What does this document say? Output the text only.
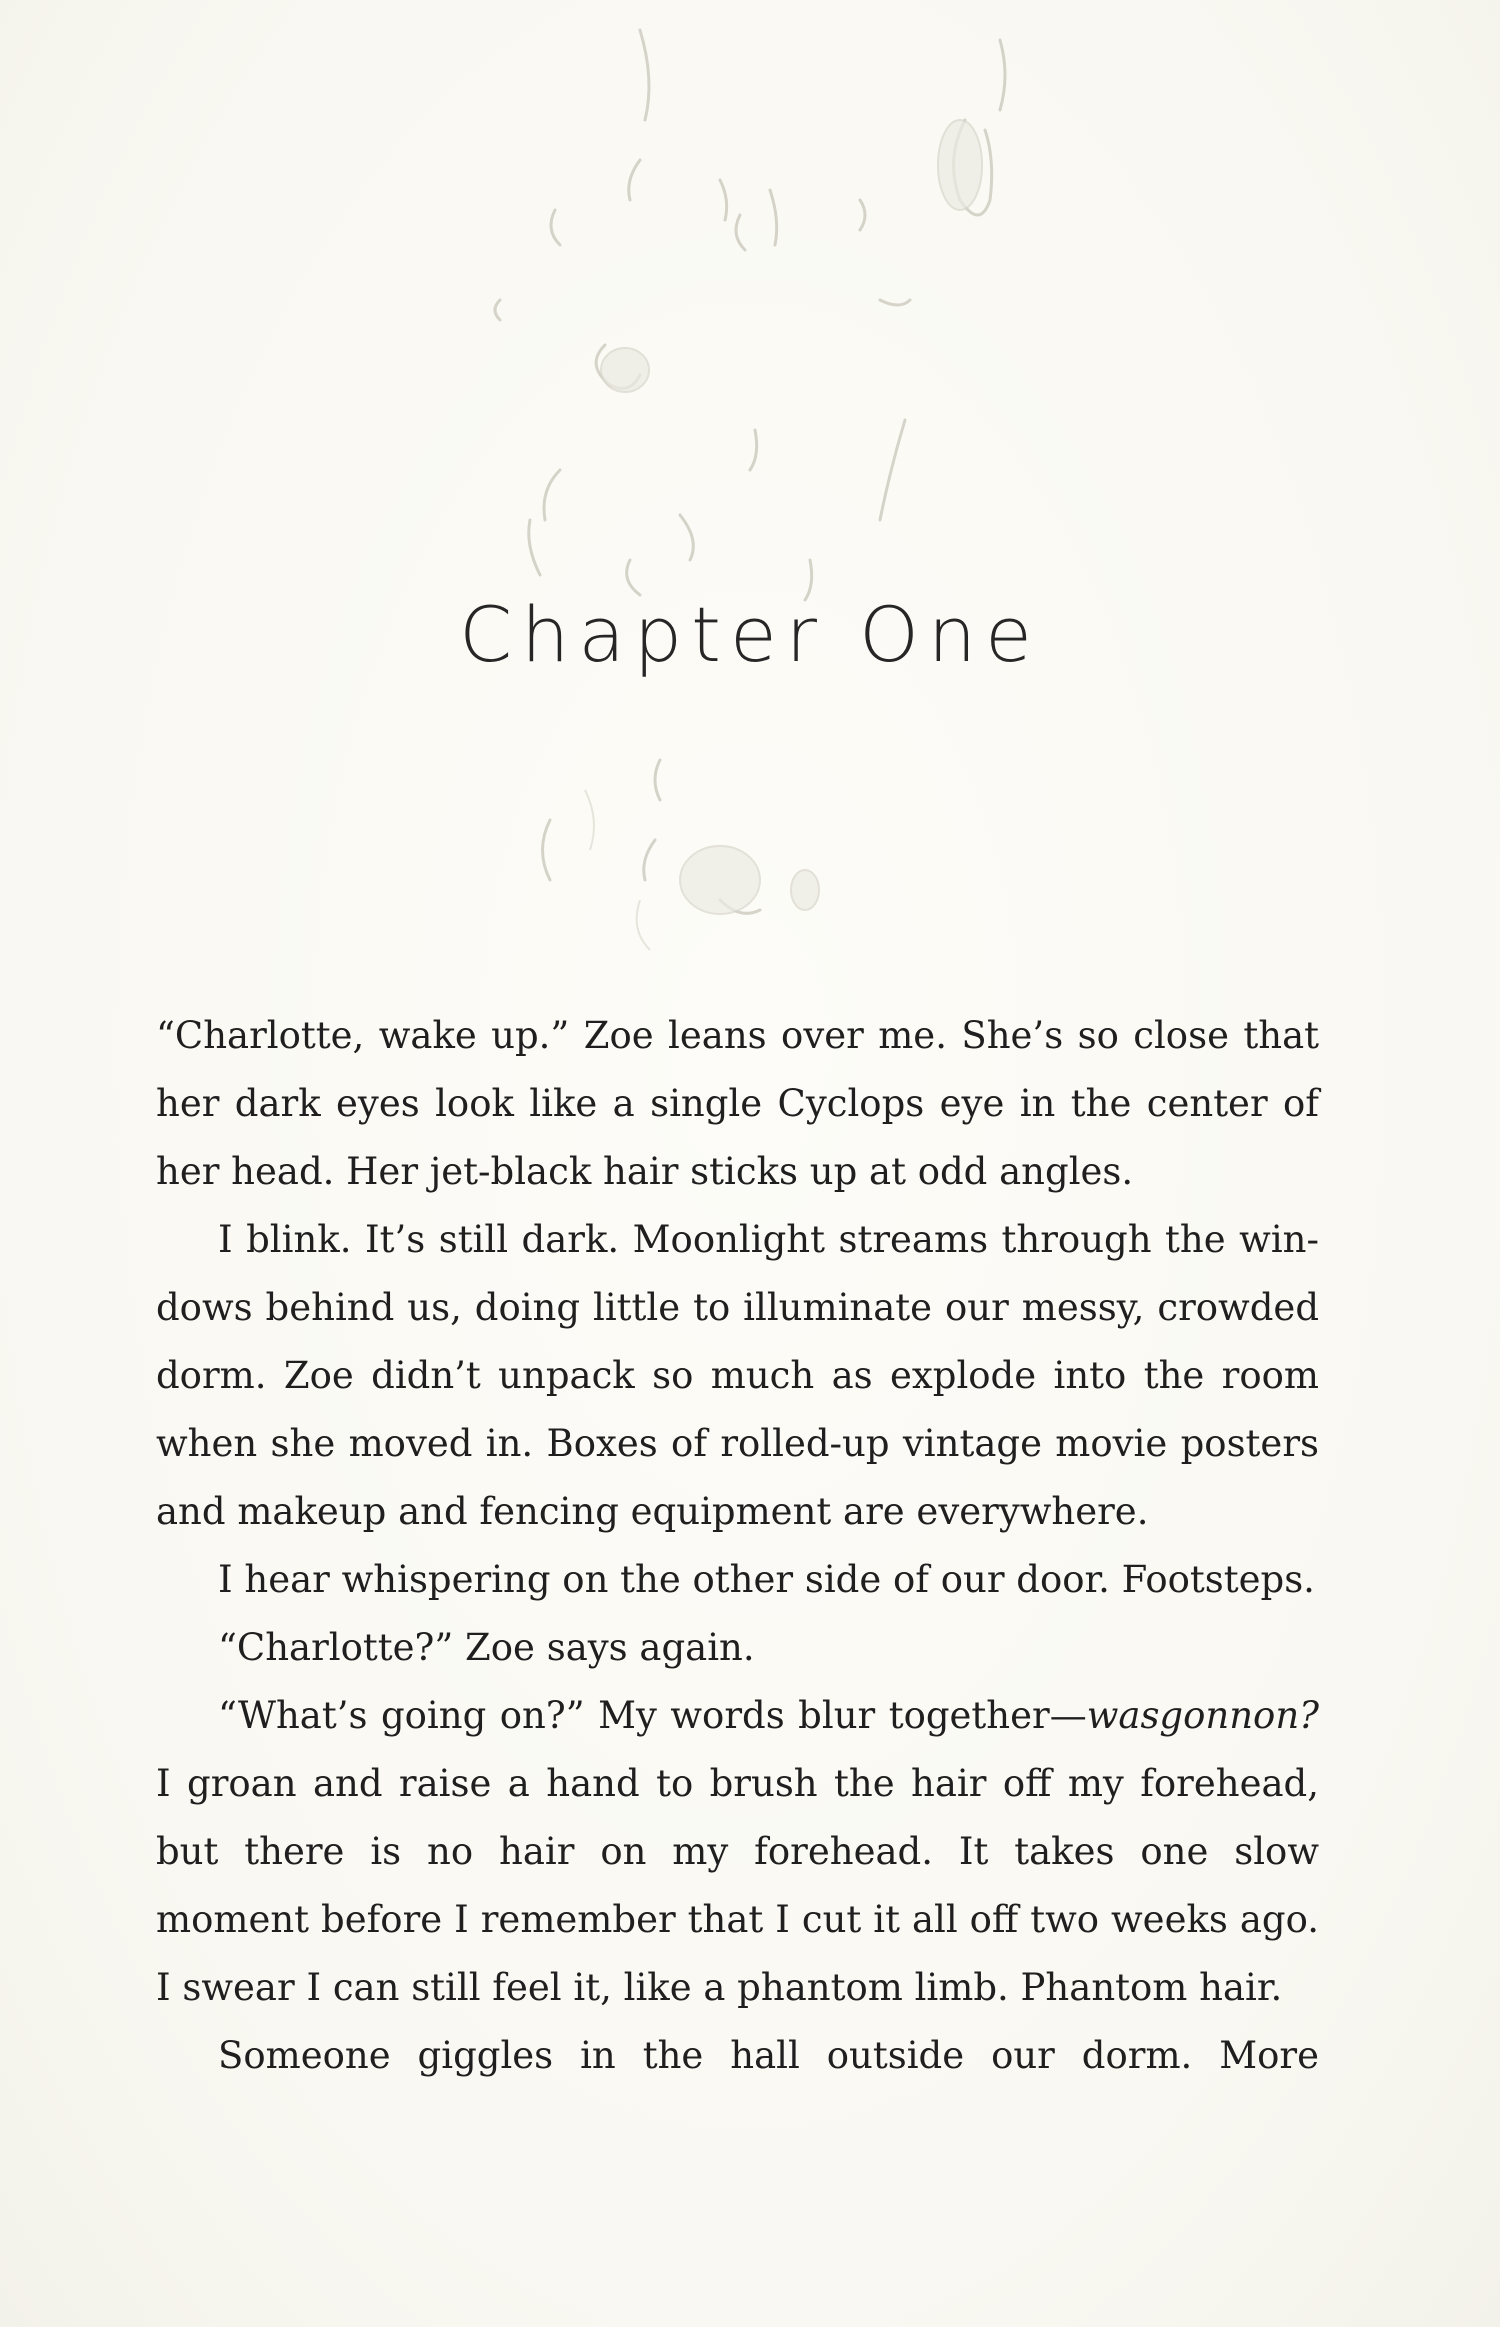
Chapter One

“Charlotte, wake up.” Zoe leans over me. She’s so close that her dark eyes look like a single Cyclops eye in the center of her head. Her jet-black hair sticks up at odd angles.

I blink. It’s still dark. Moonlight streams through the windows behind us, doing little to illuminate our messy, crowded dorm. Zoe didn’t unpack so much as explode into the room when she moved in. Boxes of rolled-up vintage movie posters and makeup and fencing equipment are everywhere.

I hear whispering on the other side of our door. Footsteps.

“Charlotte?” Zoe says again.

“What’s going on?” My words blur together—wasgonnon? I groan and raise a hand to brush the hair off my forehead, but there is no hair on my forehead. It takes one slow moment before I remember that I cut it all off two weeks ago. I swear I can still feel it, like a phantom limb. Phantom hair.

Someone giggles in the hall outside our dorm. More
